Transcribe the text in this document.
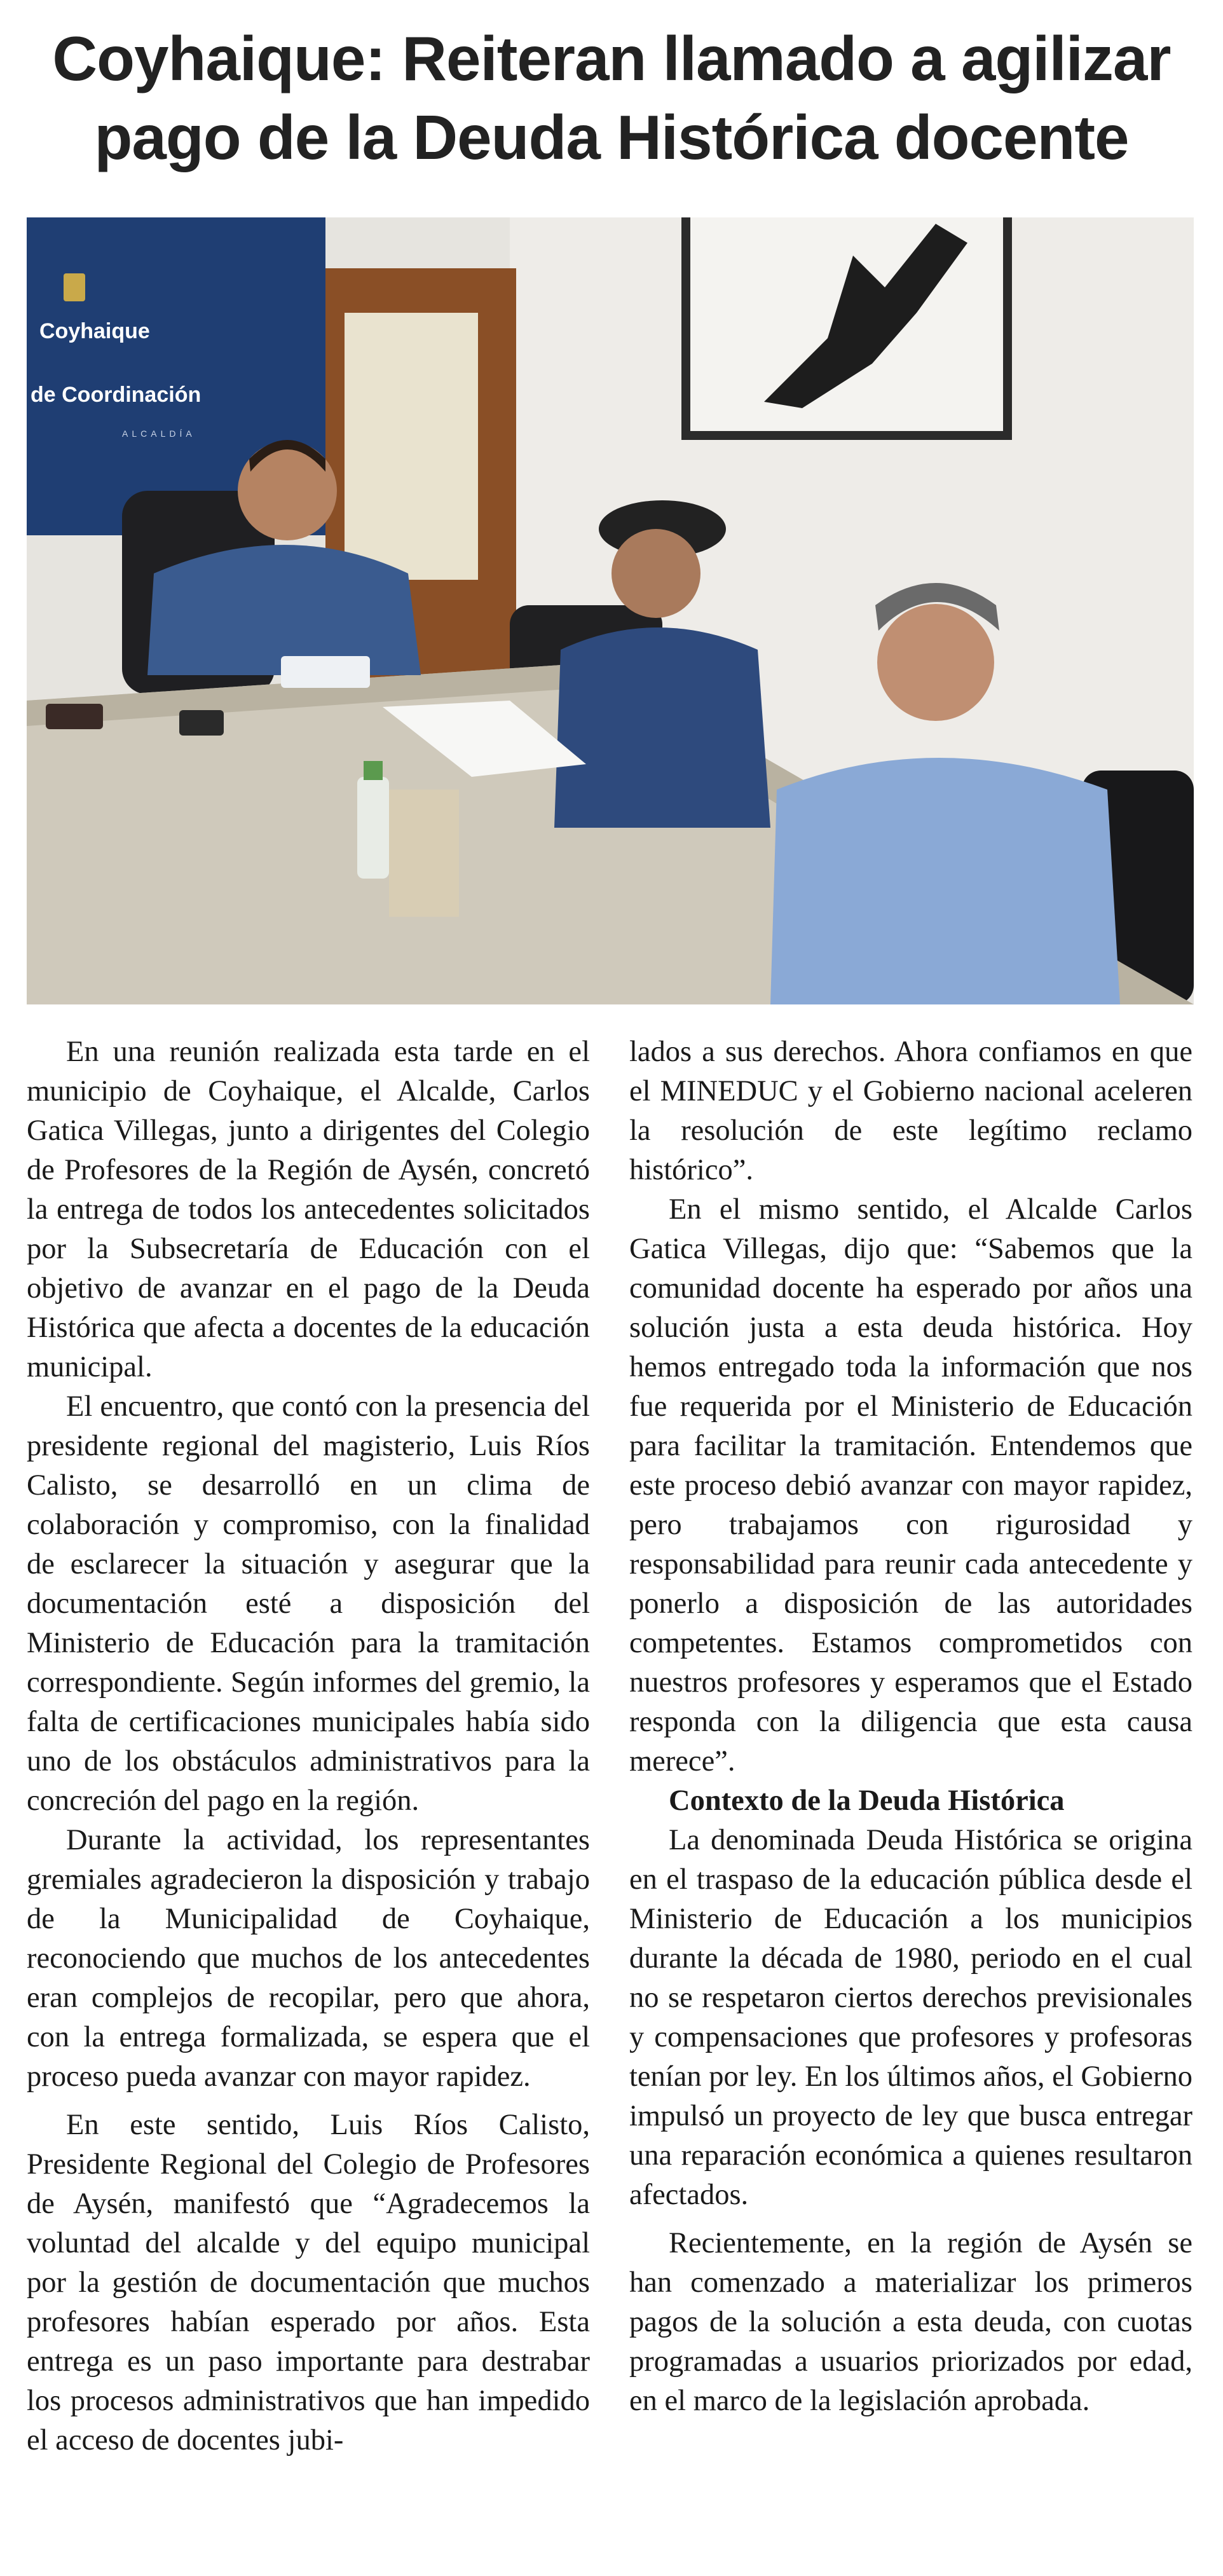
Coyhaique: Reiteran llamado a agilizar pago de la Deuda Histórica docente
Coyhaique
de Coordinación
ALCALDÍA

En una reunión realizada esta tarde en el municipio de Coyhaique, el Alcalde, Carlos Gatica Villegas, junto a dirigentes del Colegio de Profesores de la Región de Aysén, concretó la entrega de todos los antecedentes solicitados por la Subsecretaría de Educación con el objetivo de avanzar en el pago de la Deuda Histórica que afecta a docentes de la educación municipal.

El encuentro, que contó con la presencia del presidente regional del magisterio, Luis Ríos Calisto, se desarrolló en un clima de colaboración y compromiso, con la finalidad de esclarecer la situación y asegurar que la documentación esté a disposición del Ministerio de Educación para la tramitación correspondiente. Según informes del gremio, la falta de certificaciones municipales había sido uno de los obstáculos administrativos para la concreción del pago en la región.

Durante la actividad, los representantes gremiales agradecieron la disposición y trabajo de la Municipalidad de Coyhaique, reconociendo que muchos de los antecedentes eran complejos de recopilar, pero que ahora, con la entrega formalizada, se espera que el proceso pueda avanzar con mayor rapidez.

En este sentido, Luis Ríos Calisto, Presidente Regional del Colegio de Profesores de Aysén, manifestó que “Agradecemos la voluntad del alcalde y del equipo municipal por la gestión de documentación que muchos profesores habían esperado por años. Esta entrega es un paso importante para destrabar los procesos administrativos que han impedido el acceso de docentes jubi-

lados a sus derechos. Ahora confiamos en que el MINEDUC y el Gobierno nacional aceleren la resolución de este legítimo reclamo histórico”.

En el mismo sentido, el Alcalde Carlos Gatica Villegas, dijo que: “Sabemos que la comunidad docente ha esperado por años una solución justa a esta deuda histórica. Hoy hemos entregado toda la información que nos fue requerida por el Ministerio de Educación para facilitar la tramitación. Entendemos que este proceso debió avanzar con mayor rapidez, pero trabajamos con rigurosidad y responsabilidad para reunir cada antecedente y ponerlo a disposición de las autoridades competentes. Estamos comprometidos con nuestros profesores y esperamos que el Estado responda con la diligencia que esta causa merece”.

Contexto de la Deuda Histórica

La denominada Deuda Histórica se origina en el traspaso de la educación pública desde el Ministerio de Educación a los municipios durante la década de 1980, periodo en el cual no se respetaron ciertos derechos previsionales y compensaciones que profesores y profesoras tenían por ley. En los últimos años, el Gobierno impulsó un proyecto de ley que busca entregar una reparación económica a quienes resultaron afectados.

Recientemente, en la región de Aysén se han comenzado a materializar los primeros pagos de la solución a esta deuda, con cuotas programadas a usuarios priorizados por edad, en el marco de la legislación aprobada.
